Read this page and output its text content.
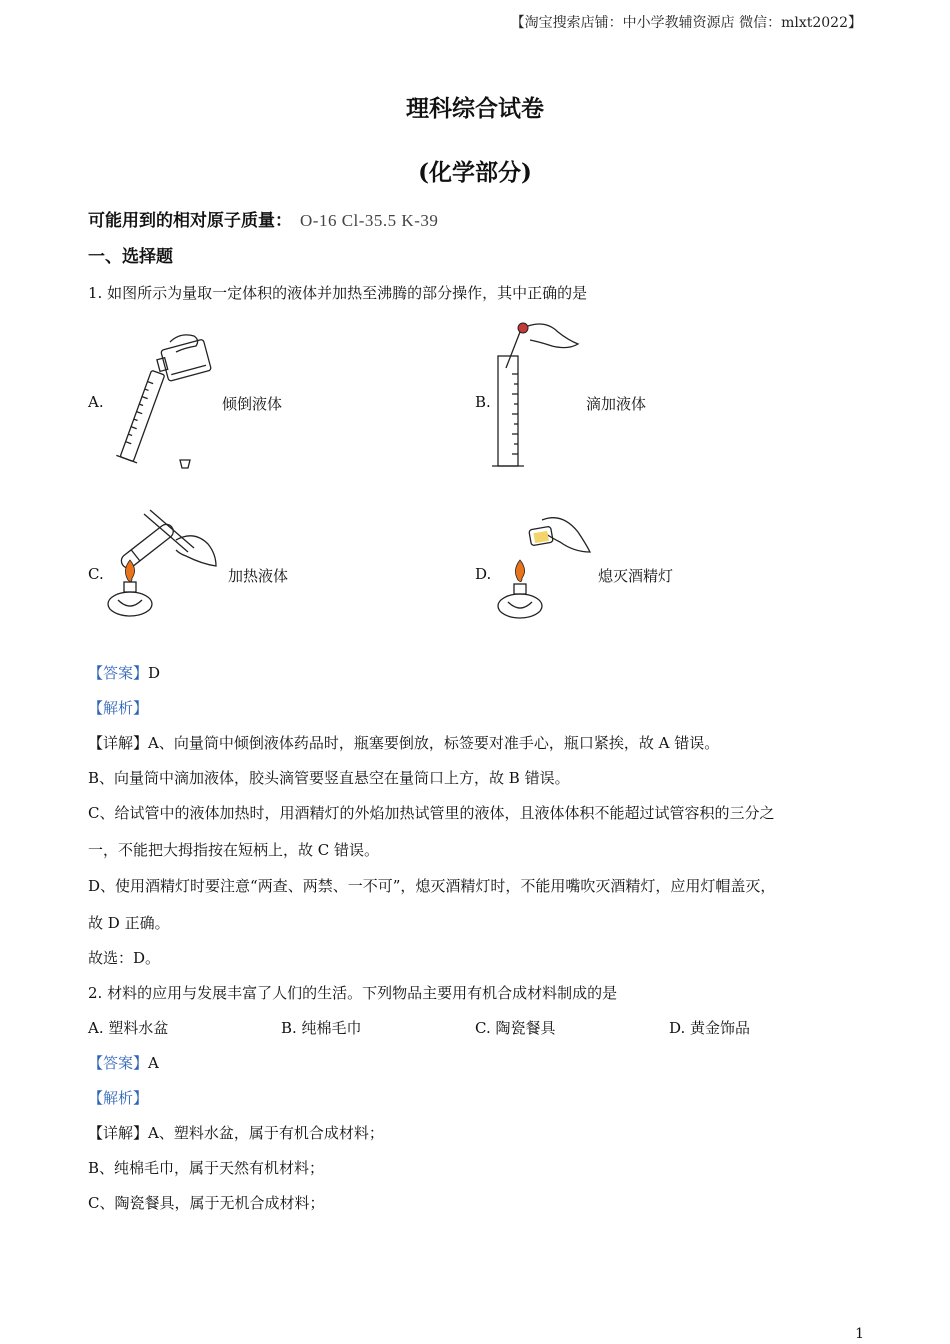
【淘宝搜索店铺：中小学教辅资源店 微信：mlxt2022】
理科综合试卷
(化学部分)
可能用到的相对原子质量： O-16 Cl-35.5 K-39
一、选择题
1. 如图所示为量取一定体积的液体并加热至沸腾的部分操作，其中正确的是
A.	倾倒液体	B.	滴加液体
C.	加热液体	D.	熄灭酒精灯
【答案】D
【解析】
【详解】A、向量筒中倾倒液体药品时，瓶塞要倒放，标签要对准手心，瓶口紧挨，故 A 错误。
B、向量筒中滴加液体，胶头滴管要竖直悬空在量筒口上方，故 B 错误。
C、给试管中的液体加热时，用酒精灯的外焰加热试管里的液体，且液体体积不能超过试管容积的三分之
一，不能把大拇指按在短柄上，故 C 错误。
D、使用酒精灯时要注意“两查、两禁、一不可”，熄灭酒精灯时，不能用嘴吹灭酒精灯，应用灯帽盖灭，
故 D 正确。
故选：D。
2. 材料的应用与发展丰富了人们的生活。下列物品主要用有机合成材料制成的是
A. 塑料水盆	B. 纯棉毛巾	C. 陶瓷餐具	D. 黄金饰品
【答案】A
【解析】
【详解】A、塑料水盆，属于有机合成材料；
B、纯棉毛巾，属于天然有机材料；
C、陶瓷餐具，属于无机合成材料；
1
